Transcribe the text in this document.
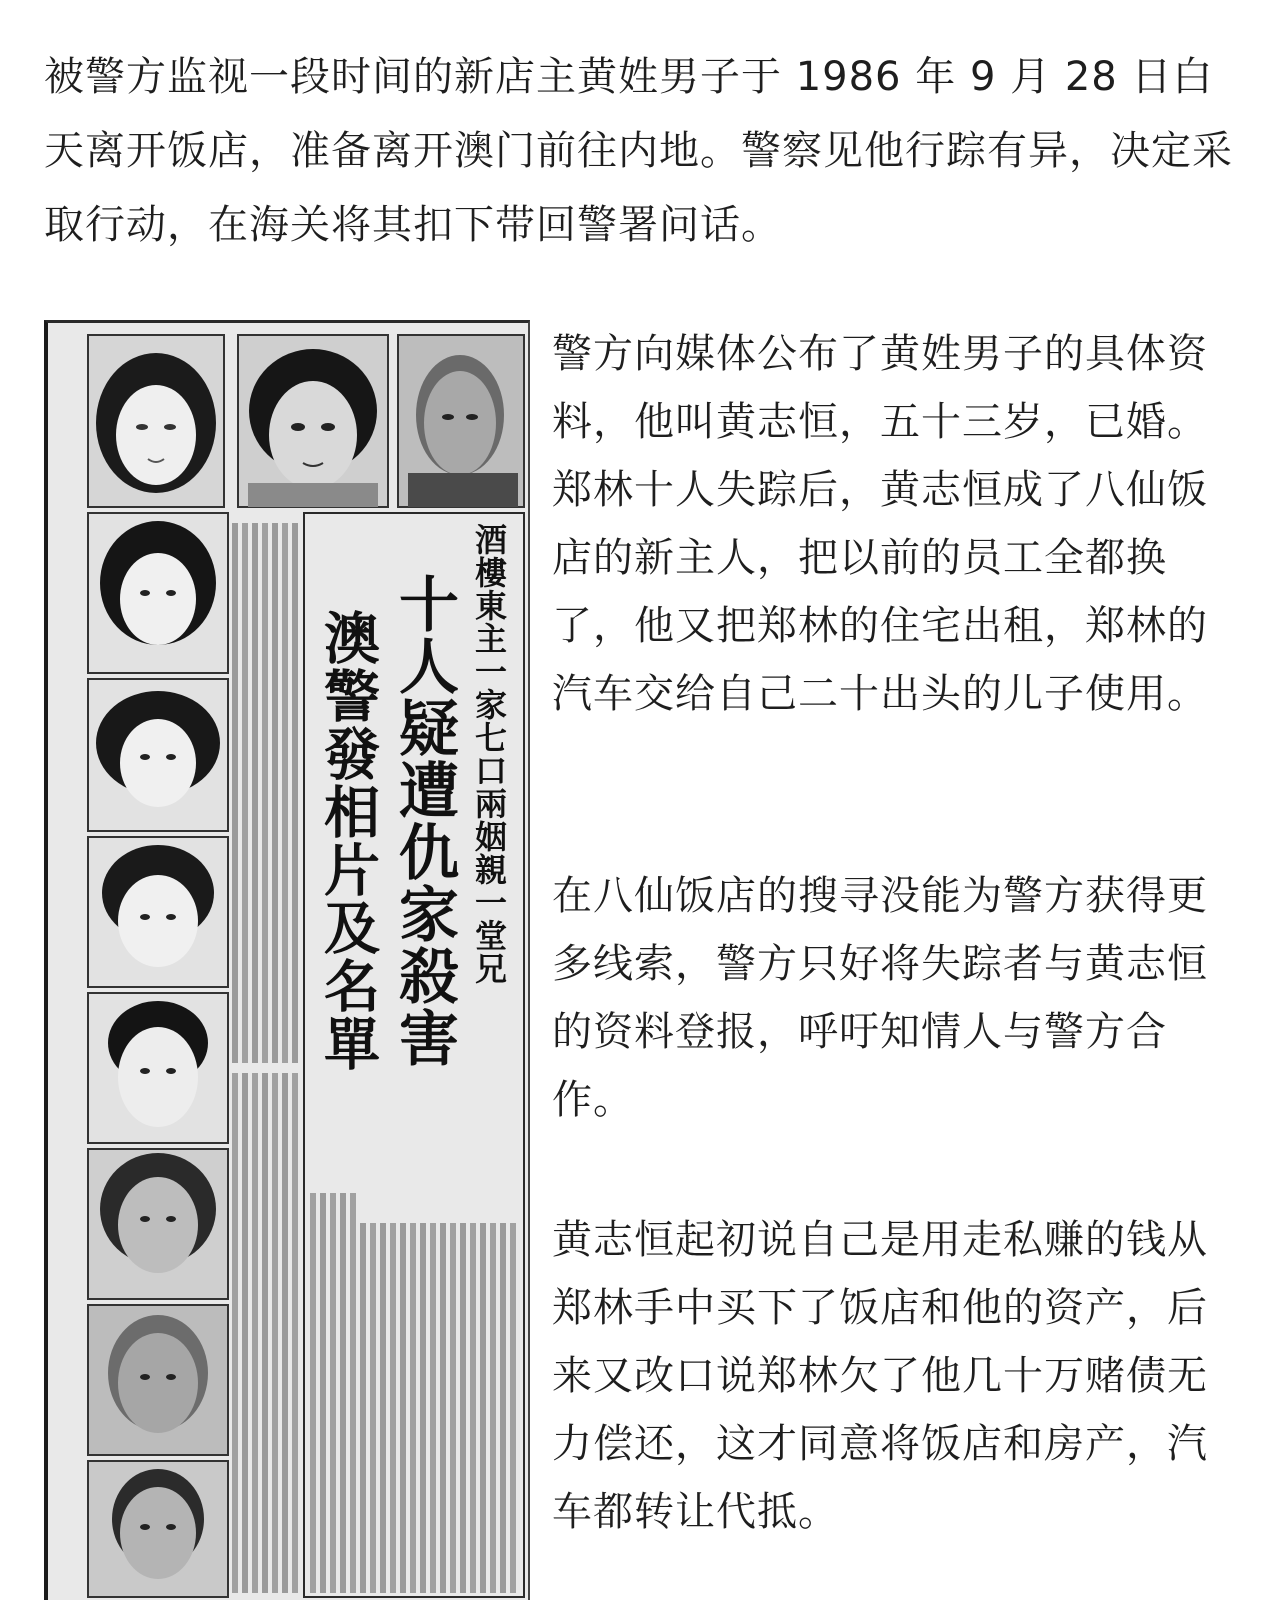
被警方监视一段时间的新店主黄姓男子于 1986 年 9 月 28 日白天离开饭店，准备离开澳门前往内地。警察见他行踪有异，决定采取行动，在海关将其扣下带回警署问话。

酒樓東主一家七口兩姻親一堂兄
十人疑遭仇家殺害
澳警發相片及名單

警方向媒体公布了黄姓男子的具体资料，他叫黄志恒，五十三岁，已婚。郑林十人失踪后，黄志恒成了八仙饭店的新主人，把以前的员工全都换了，他又把郑林的住宅出租，郑林的汽车交给自己二十出头的儿子使用。

在八仙饭店的搜寻没能为警方获得更多线索，警方只好将失踪者与黄志恒的资料登报，呼吁知情人与警方合作。

黄志恒起初说自己是用走私赚的钱从郑林手中买下了饭店和他的资产，后来又改口说郑林欠了他几十万赌债无力偿还，这才同意将饭店和房产，汽车都转让代抵。
